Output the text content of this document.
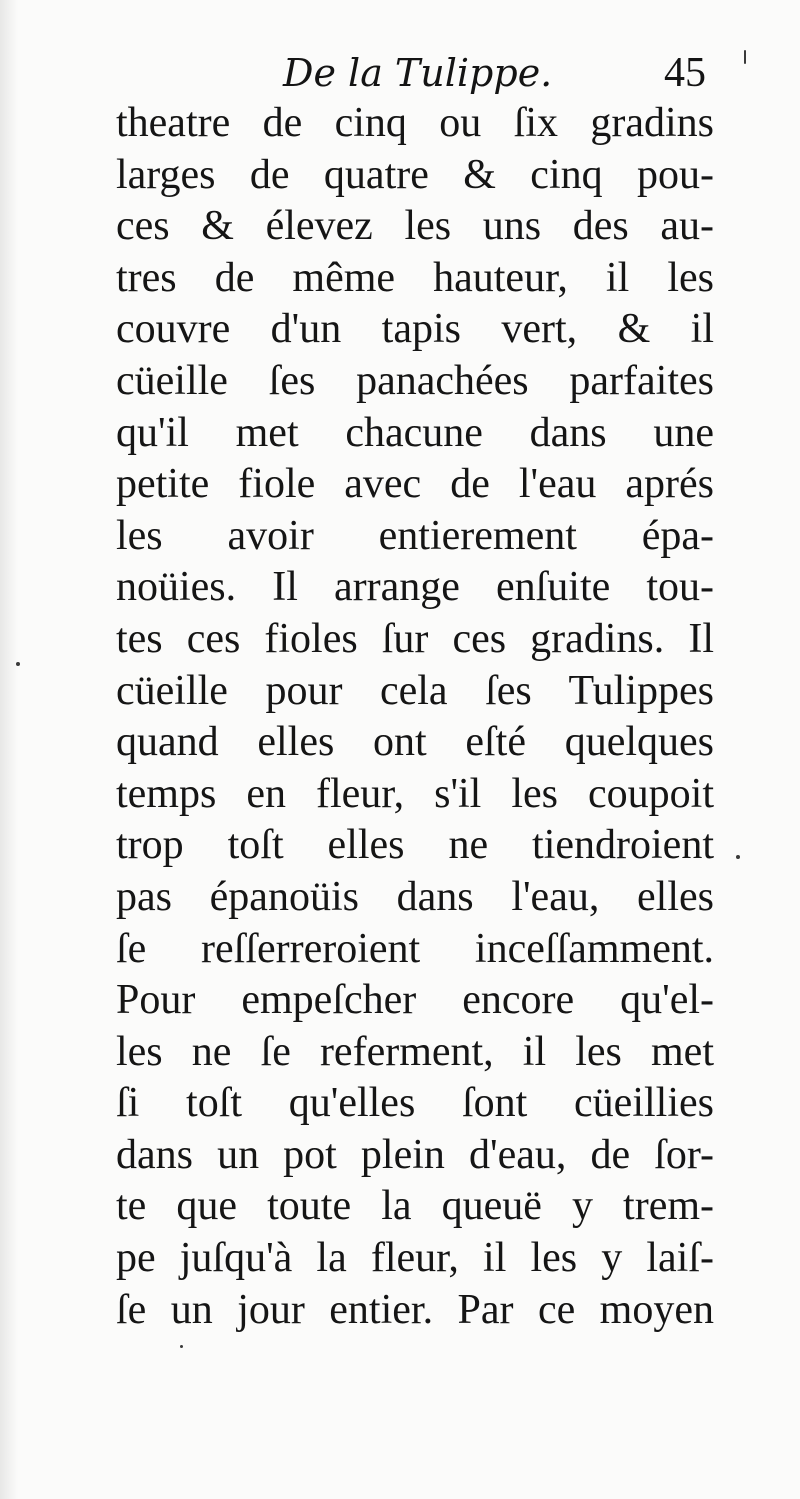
De la Tulippe.	45
theatre de cinq ou ſix gradins
larges de quatre & cinq pou-
ces & élevez les uns des au-
tres de même hauteur, il les
couvre d'un tapis vert, & il
cüeille ſes panachées parfaites
qu'il met chacune dans une
petite fiole avec de l'eau aprés
les avoir entierement épa-
noüies. Il arrange enſuite tou-
tes ces fioles ſur ces gradins. Il
cüeille pour cela ſes Tulippes
quand elles ont eſté quelques
temps en fleur, s'il les coupoit
trop toſt elles ne tiendroient
pas épanoüis dans l'eau, elles
ſe reſſerreroient inceſſamment.
Pour empeſcher encore qu'el-
les ne ſe referment, il les met
ſi toſt qu'elles ſont cüeillies
dans un pot plein d'eau, de ſor-
te que toute la queuë y trem-
pe juſqu'à la fleur, il les y laiſ-
ſe un jour entier. Par ce moyen
